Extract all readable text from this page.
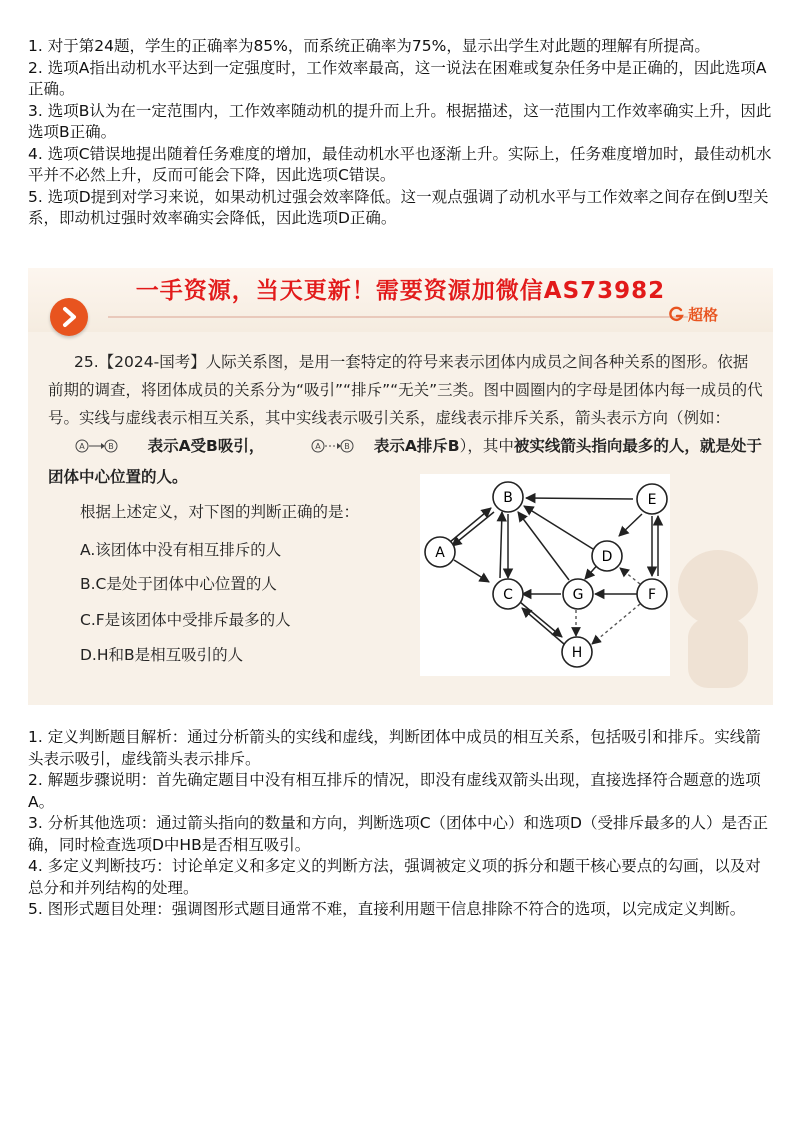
1. 对于第24题，学生的正确率为85%，而系统正确率为75%，显示出学生对此题的理解有所提高。

2. 选项A指出动机水平达到一定强度时，工作效率最高，这一说法在困难或复杂任务中是正确的，因此选项A正确。

3. 选项B认为在一定范围内，工作效率随动机的提升而上升。根据描述，这一范围内工作效率确实上升，因此选项B正确。

4. 选项C错误地提出随着任务难度的增加，最佳动机水平也逐渐上升。实际上，任务难度增加时，最佳动机水平并不必然上升，反而可能会下降，因此选项C错误。

5. 选项D提到对学习来说，如果动机过强会效率降低。这一观点强调了动机水平与工作效率之间存在倒U型关系，即动机过强时效率确实会降低，因此选项D正确。

一手资源，当天更新！需要资源加微信AS73982
超格
25.【2024-国考】人际关系图，是用一套特定的符号来表示团体内成员之间各种关系的图形。依据前期的调查，将团体成员的关系分为“吸引”“排斥”“无关”三类。图中圆圈内的字母是团体内每一成员的代号。实线与虚线表示相互关系，其中实线表示吸引关系，虚线表示排斥关系，箭头表示方向（例如：
A	B 表示A受B吸引，	A	B 表示A排斥B），其中被实线箭头指向最多的人，就是处于团体中心位置的人。
根据上述定义，对下图的判断正确的是：
A.该团体中没有相互排斥的人
B.C是处于团体中心位置的人
C.F是该团体中受排斥最多的人
D.H和B是相互吸引的人
A
B
C
D
E
F
G
H

1. 定义判断题目解析：通过分析箭头的实线和虚线，判断团体中成员的相互关系，包括吸引和排斥。实线箭头表示吸引，虚线箭头表示排斥。

2. 解题步骤说明：首先确定题目中没有相互排斥的情况，即没有虚线双箭头出现，直接选择符合题意的选项A。

3. 分析其他选项：通过箭头指向的数量和方向，判断选项C（团体中心）和选项D（受排斥最多的人）是否正确，同时检查选项D中HB是否相互吸引。

4. 多定义判断技巧：讨论单定义和多定义的判断方法，强调被定义项的拆分和题干核心要点的勾画，以及对总分和并列结构的处理。

5. 图形式题目处理：强调图形式题目通常不难，直接利用题干信息排除不符合的选项，以完成定义判断。
